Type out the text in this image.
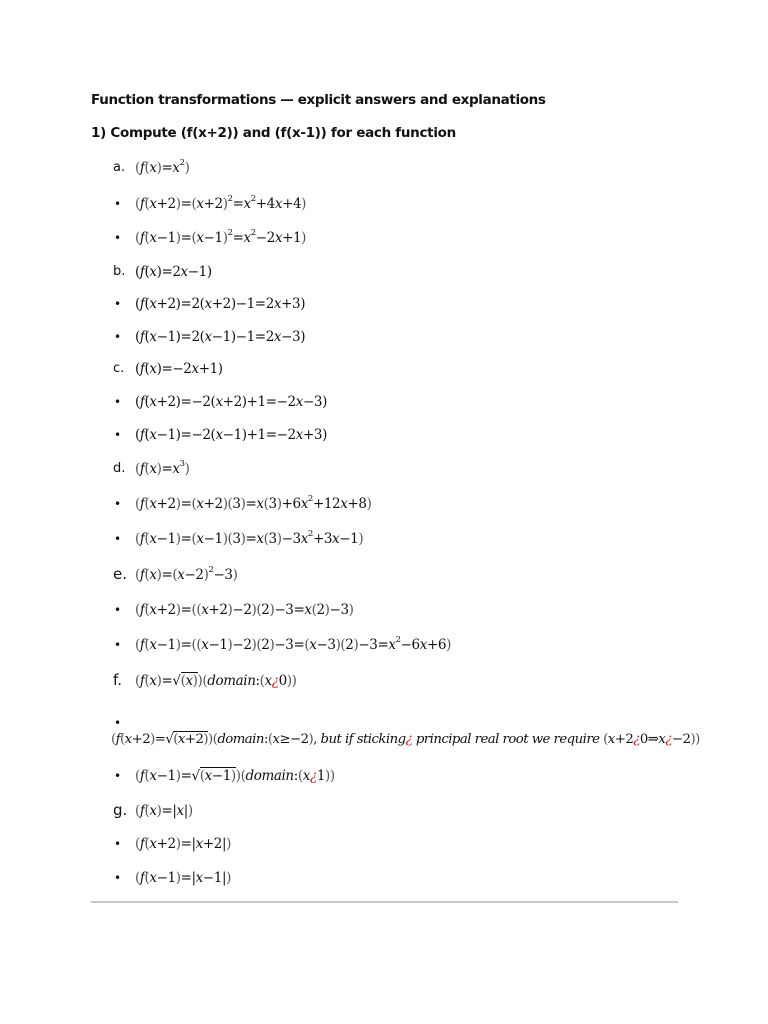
Function transformations — explicit answers and explanations
1) Compute (f(x+2)) and (f(x-1)) for each function
a. $(f(x)=x^2)$
• $(f(x+2)=(x+2)^2=x^2+4x+4)$
• $(f(x-1)=(x-1)^2=x^2-2x+1)$
b. (f(x)=2x−1)
• (f(x+2)=2(x+2)−1=2x+3)
• (f(x−1)=2(x−1)−1=2x−3)
c. (f(x)=−2x+1)
• (f(x+2)=−2(x+2)+1=−2x−3)
• (f(x−1)=−2(x−1)+1=−2x+3)
d. $(f(x)=x^3)$
• $(f(x+2)=(x+2)(3)=x(3)+6x^2+12x+8)$
• $(f(x-1)=(x-1)(3)=x(3)-3x^2+3x-1)$
e. $(f(x)=(x-2)^2-3)$
• (f(x+2)=((x+2)−2)(2)−3=x(2)−3)
• $(f(x-1)=((x-1)-2)(2)-3=(x-3)(2)-3=x^2-6x+6)$
f. (f(x)=√(x))(domain:(x¿0))
•
(f(x+2)=√(x+2))(domain:(x≥−2), but if sticking¿ principal real root we require (x+2¿0⇒x¿−2))
• (f(x−1)=√(x−1))(domain:(x¿1))
g. (f(x)=|x|)
• (f(x+2)=|x+2|)
• (f(x−1)=|x−1|)
